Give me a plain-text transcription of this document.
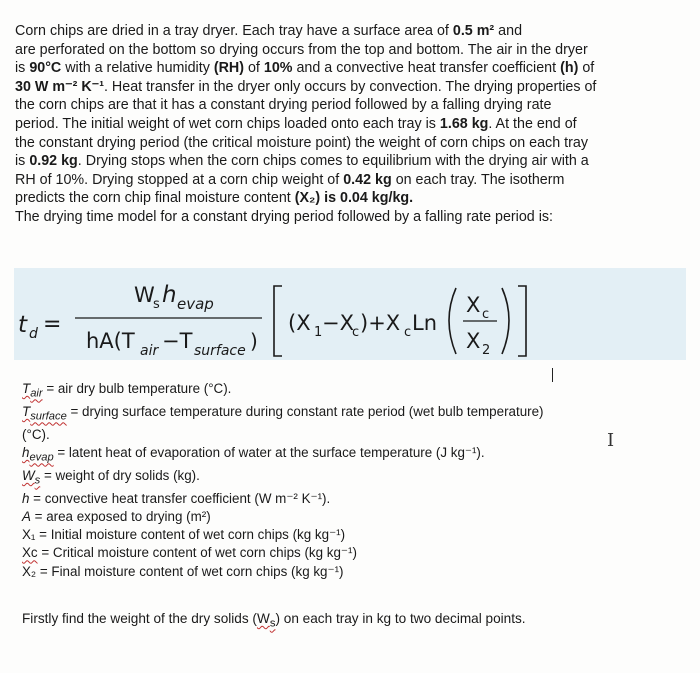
Corn chips are dried in a tray dryer. Each tray have a surface area of 0.5 m² and
are perforated on the bottom so drying occurs from the top and bottom. The air in the dryer
is 90°C with a relative humidity (RH) of 10% and a convective heat transfer coefficient (h) of
30 W m⁻² K⁻¹. Heat transfer in the dryer only occurs by convection. The drying properties of
the corn chips are that it has a constant drying period followed by a falling drying rate
period. The initial weight of wet corn chips loaded onto each tray is 1.68 kg. At the end of
the constant drying period (the critical moisture point) the weight of corn chips on each tray
is 0.92 kg. Drying stops when the corn chips comes to equilibrium with the drying air with a
RH of 10%. Drying stopped at a corn chip weight of 0.42 kg on each tray. The isotherm
predicts the corn chip final moisture content (X₂) is 0.04 kg/kg.
The drying time model for a constant drying period followed by a falling rate period is:
t d =
W
s h evap
hA(T air −T surface )
(X 1 −X
c )+X c Ln
X c
X 2
$T_{air}$ = air dry bulb temperature (°C).
$T_{surface}$ = drying surface temperature during constant rate period (wet bulb temperature)
(°C).
$h_{evap}$ = latent heat of evaporation of water at the surface temperature (J kg⁻¹).
$W_s$ = weight of dry solids (kg).
h = convective heat transfer coefficient (W m⁻² K⁻¹).
A = area exposed to drying (m²)
X₁ = Initial moisture content of wet corn chips (kg kg⁻¹)
Xc = Critical moisture content of wet corn chips (kg kg⁻¹)
X₂ = Final moisture content of wet corn chips (kg kg⁻¹)
I
Firstly find the weight of the dry solids $(W_s)$ on each tray in kg to two decimal points.
